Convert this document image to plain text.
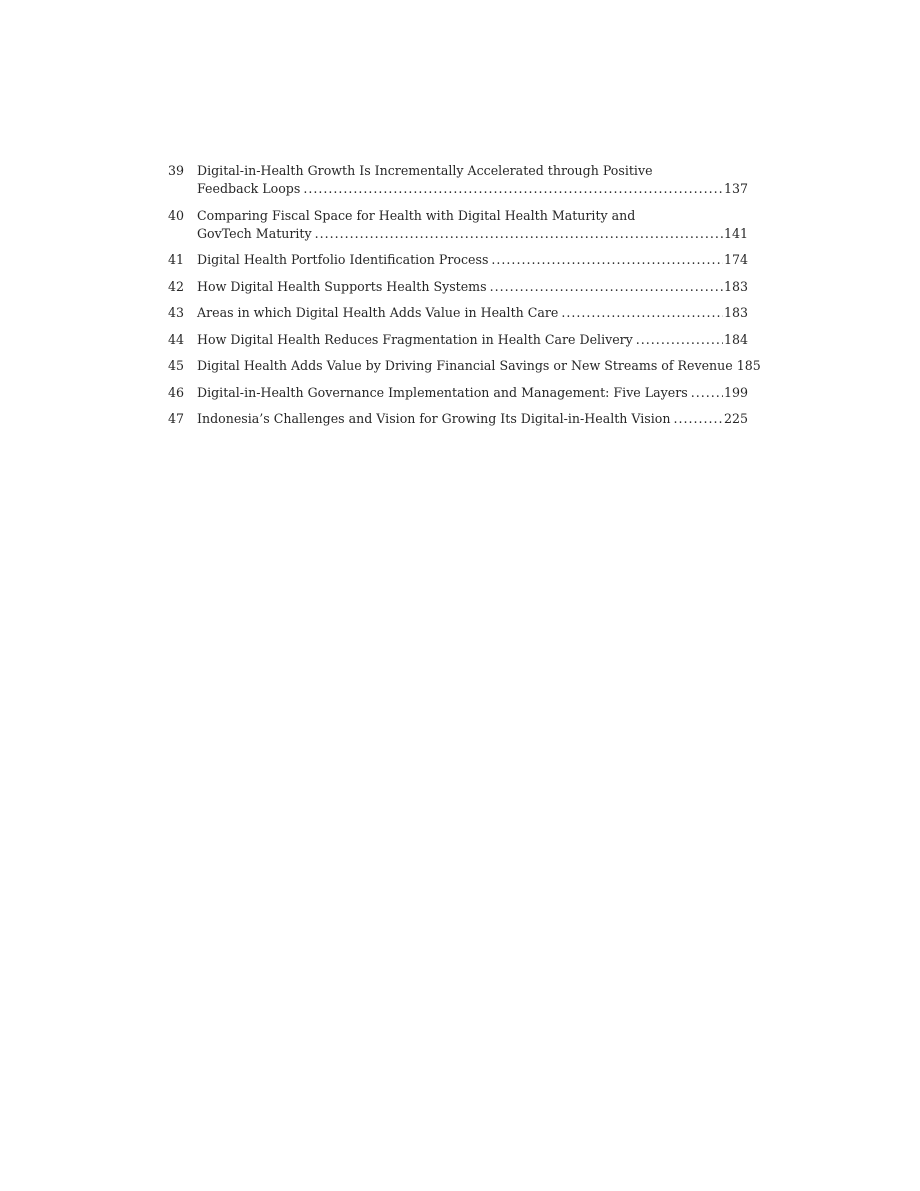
39	Digital-in-Health Growth Is Incrementally Accelerated through Positive
Feedback Loops .....	137
40	Comparing Fiscal Space for Health with Digital Health Maturity and
GovTech Maturity .....	141
41	Digital Health Portfolio Identification Process .....	174
42	How Digital Health Supports Health Systems .....	183
43	Areas in which Digital Health Adds Value in Health Care .....	183
44	How Digital Health Reduces Fragmentation in Health Care Delivery .....	184
45	Digital Health Adds Value by Driving Financial Savings or New Streams of Revenue 185
46	Digital-in-Health Governance Implementation and Management: Five Layers .....	199
47	Indonesia’s Challenges and Vision for Growing Its Digital-in-Health Vision .....	225
